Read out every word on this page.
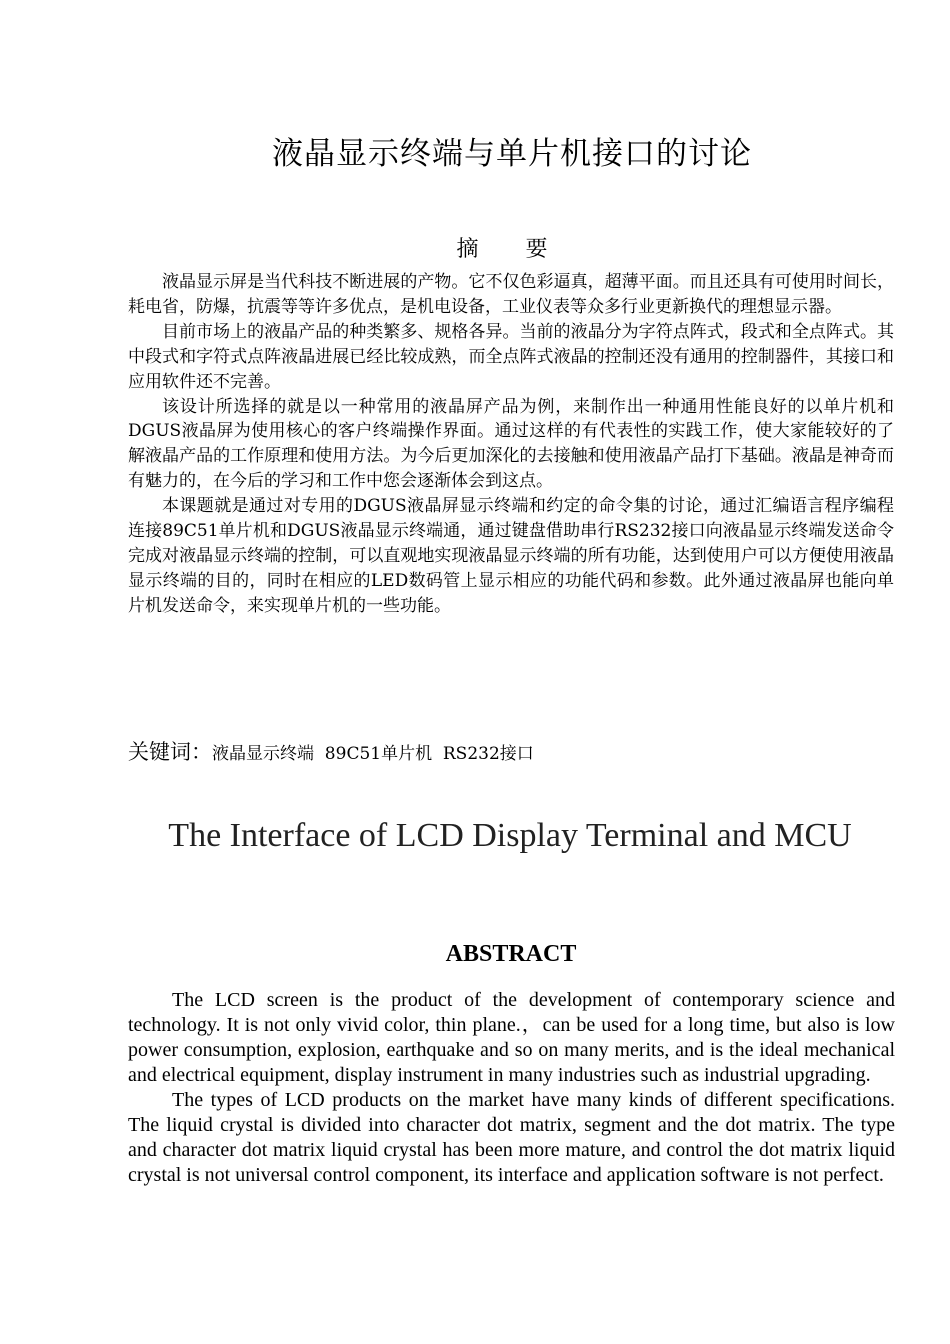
液晶显示终端与单片机接口的讨论
摘 要

液晶显示屏是当代科技不断进展的产物。它不仅色彩逼真，超薄平面。而且还具有可使用时间长，耗电省，防爆，抗震等等许多优点，是机电设备，工业仪表等众多行业更新换代的理想显示器。

目前市场上的液晶产品的种类繁多、规格各异。当前的液晶分为字符点阵式，段式和全点阵式。其中段式和字符式点阵液晶进展已经比较成熟，而全点阵式液晶的控制还没有通用的控制器件，其接口和应用软件还不完善。

该设计所选择的就是以一种常用的液晶屏产品为例，来制作出一种通用性能良好的以单片机和DGUS液晶屏为使用核心的客户终端操作界面。通过这样的有代表性的实践工作，使大家能较好的了解液晶产品的工作原理和使用方法。为今后更加深化的去接触和使用液晶产品打下基础。液晶是神奇而有魅力的，在今后的学习和工作中您会逐渐体会到这点。

本课题就是通过对专用的DGUS液晶屏显示终端和约定的命令集的讨论，通过汇编语言程序编程连接89C51单片机和DGUS液晶显示终端通，通过键盘借助串行RS232接口向液晶显示终端发送命令完成对液晶显示终端的控制，可以直观地实现液晶显示终端的所有功能，达到使用户可以方便使用液晶显示终端的目的，同时在相应的LED数码管上显示相应的功能代码和参数。此外通过液晶屏也能向单片机发送命令，来实现单片机的一些功能。

关键词：液晶显示终端  89C51单片机  RS232接口
The Interface of LCD Display Terminal and MCU
ABSTRACT

The LCD screen is the product of the development of contemporary science and technology. It is not only vivid color, thin plane.，can be used for a long time, but also is low power consumption, explosion, earthquake and so on many merits, and is the ideal mechanical and electrical equipment, display instrument in many industries such as industrial upgrading.

The types of LCD products on the market have many kinds of different specifications. The liquid crystal is divided into character dot matrix, segment and the dot matrix. The type and character dot matrix liquid crystal has been more mature, and control the dot matrix liquid crystal is not universal control component, its interface and application software is not perfect.
